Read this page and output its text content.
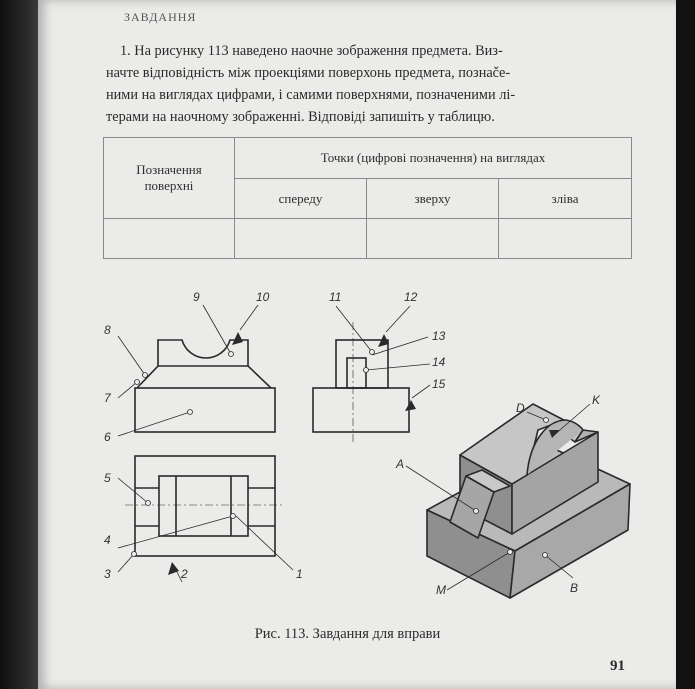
ЗАВДАННЯ
1. На рисунку 113 наведено наочне зображення предмета. Виз-
начте відповідність між проекціями поверхонь предмета, познače-
ними на виглядах цифрами, і самими поверхнями, позначеними лі-
терами на наочному зображенні. Відповіді запишіть у таблицю.
Позначення поверхні	Точки (цифрові позначення) на виглядах		
	спереду	зверху	зліва

9	10
8
7
6
11	12
13
14
15
5
4
3	2	1
A
B
D
K
M
Рис. 113. Завдання для вправи
91
